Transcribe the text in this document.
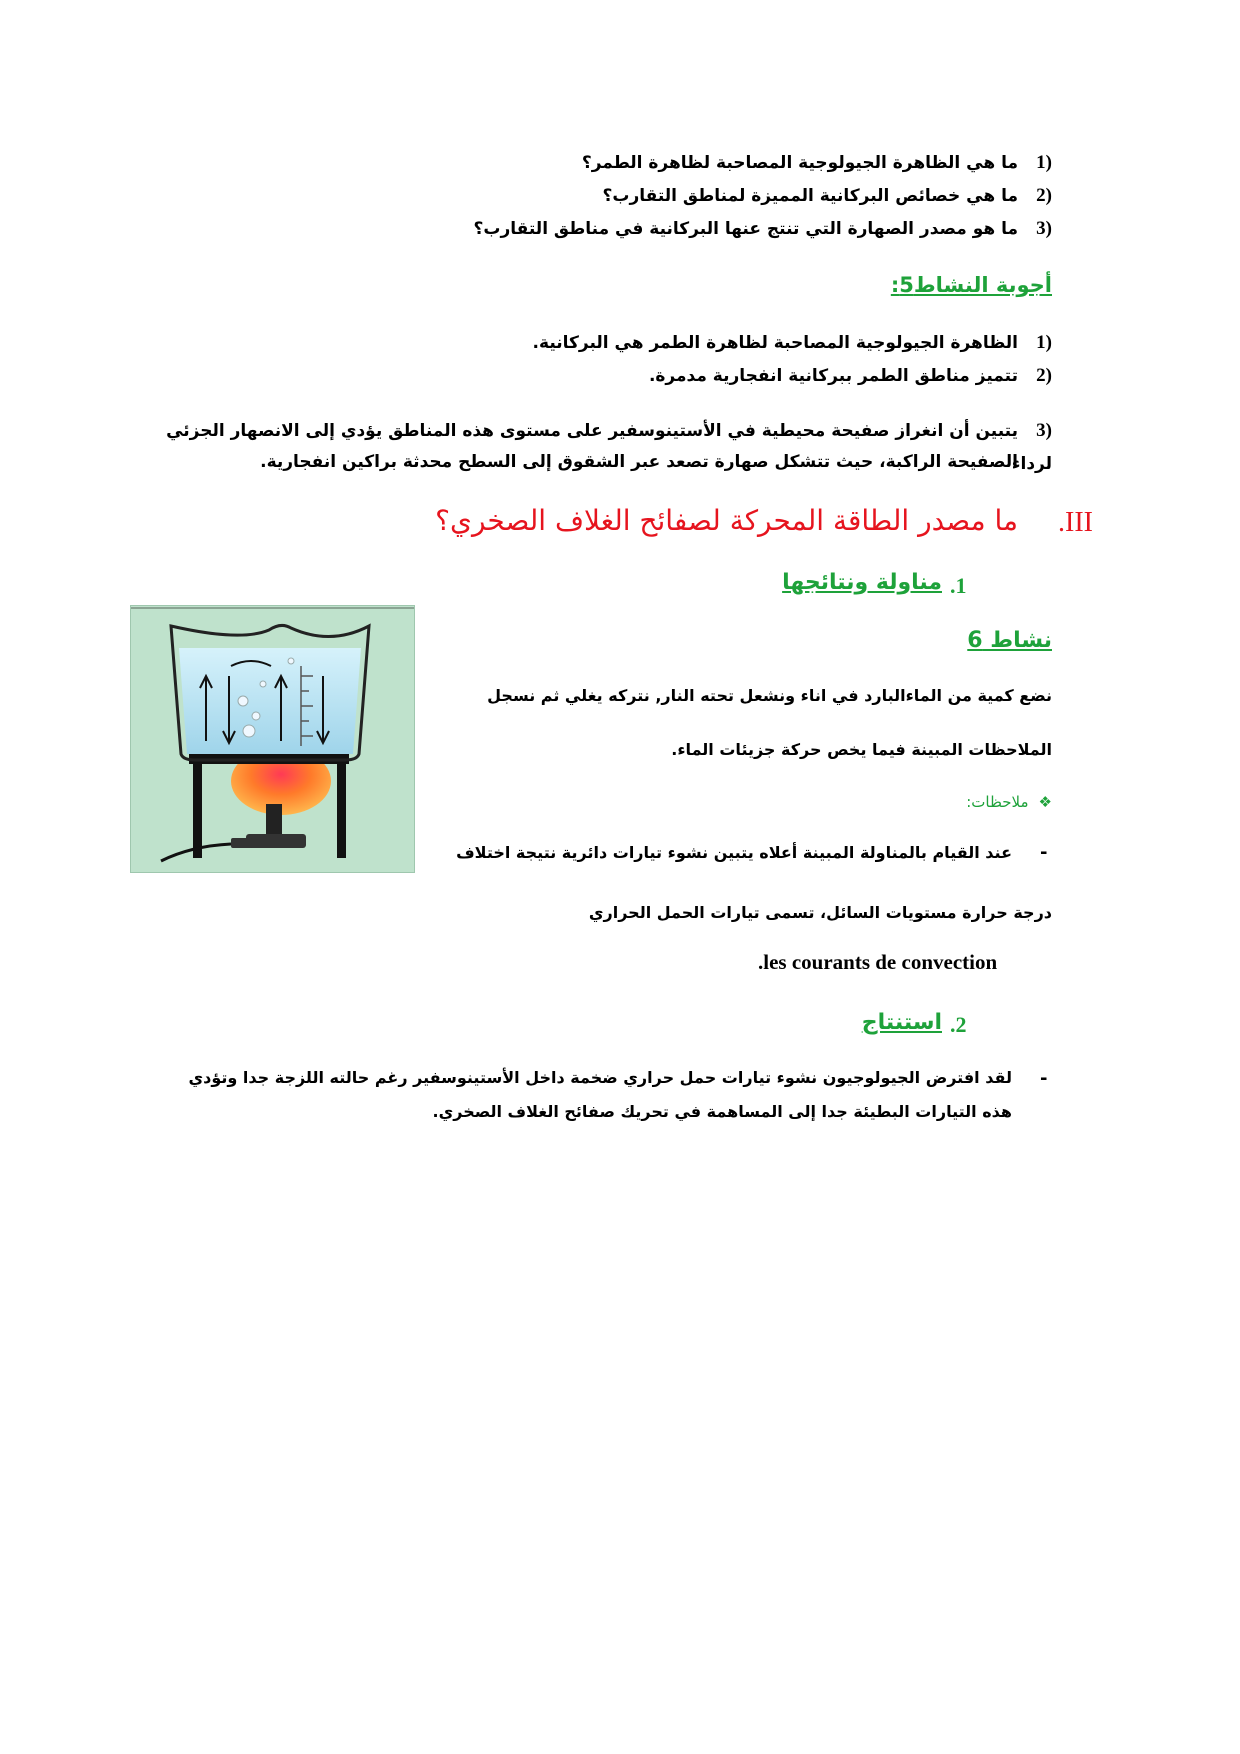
(1ما هي الظاهرة الجيولوجية المصاحبة لظاهرة الطمر؟
(2ما هي خصائص البركانية المميزة لمناطق التقارب؟
(3ما هو مصدر الصهارة التي تنتج عنها البركانية في مناطق التقارب؟
أجوبة النشاط5:
(1الظاهرة الجيولوجية المصاحبة لظاهرة الطمر هي البركانية.
(2تتميز مناطق الطمر ببركانية انفجارية مدمرة.
(3يتبين أن انغراز صفيحة محيطية في الأستينوسفير على مستوى هذه المناطق يؤدي إلى الانصهار الجزئي لرداء
الصفيحة الراكبة، حيث تتشكل صهارة تصعد عبر الشقوق إلى السطح محدثة براكين انفجارية.
.III
ما مصدر الطاقة المحركة لصفائح الغلاف الصخري؟
.1
مناولة ونتائجها
نشاط 6
نضع كمية من الماءالبارد في اناء ونشعل تحته النار, نتركه يغلي ثم نسجل
الملاحظات المبينة فيما يخص حركة جزيئات الماء.
❖ملاحظات:
-
عند القيام بالمناولة المبينة أعلاه يتبين نشوء تيارات دائرية نتيجة اختلاف
درجة حرارة مستويات السائل، تسمى تيارات الحمل الحراري
.les courants de convection
.2
استنتاج
-
لقد افترض الجيولوجيون نشوء تيارات حمل حراري ضخمة داخل الأستينوسفير رغم حالته اللزجة جدا وتؤدي
هذه التيارات البطيئة جدا إلى المساهمة في تحريك صفائح الغلاف الصخري.
